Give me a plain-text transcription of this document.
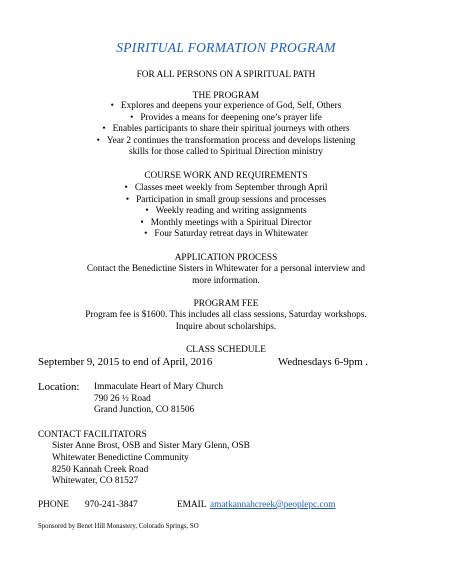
SPIRITUAL FORMATION PROGRAM
FOR ALL PERSONS ON A SPIRITUAL PATH
THE PROGRAM
• Explores and deepens your experience of God, Self, Others
• Provides a means for deepening one’s prayer life
• Enables participants to share their spiritual journeys with others
• Year 2 continues the transformation process and develops listening
skills for those called to Spiritual Direction ministry
COURSE WORK AND REQUIREMENTS
• Classes meet weekly from September through April
• Participation in small group sessions and processes
• Weekly reading and writing assignments
• Monthly meetings with a Spiritual Director
• Four Saturday retreat days in Whitewater
APPLICATION PROCESS
Contact the Benedictine Sisters in Whitewater for a personal interview and
more information.
PROGRAM FEE
Program fee is $1600. This includes all class sessions, Saturday workshops.
Inquire about scholarships.
CLASS SCHEDULE
September 9, 2015 to end of April, 2016	Wednesdays 6-9pm .
Location: Immaculate Heart of Mary Church
790 26 ½ Road
Grand Junction, CO 81506
CONTACT FACILITATORS
Sister Anne Brost, OSB and Sister Mary Glenn, OSB
Whitewater Benedictine Community
8250 Kannah Creek Road
Whitewater, CO 81527
PHONE 970-241-3847	EMAIL amatkannahcreek@peoplepc.com
Sponsored by Benet Hill Monastery, Colorado Springs, SO
